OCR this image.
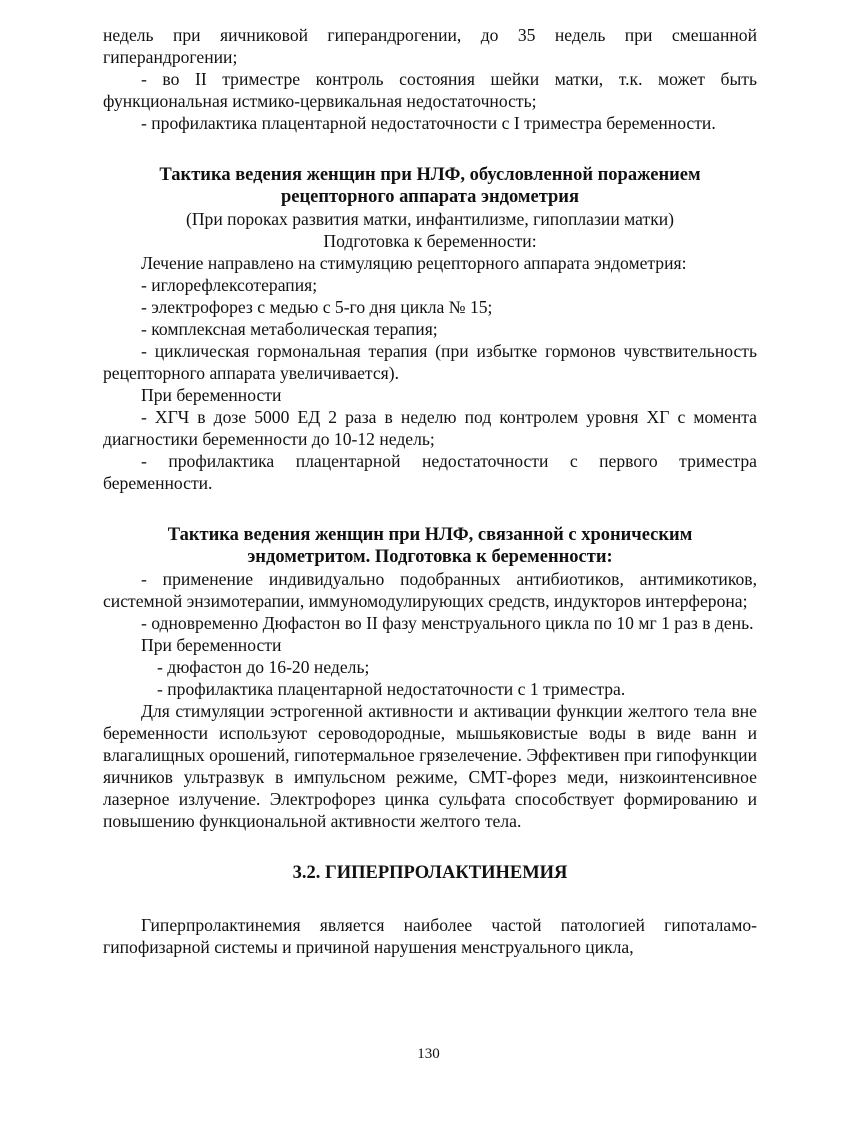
недель при яичниковой гиперандрогении, до 35 недель при смешанной

гиперандрогении;

- во II триместре контроль состояния шейки матки, т.к. может быть функциональная истмико-цервикальная недостаточность;

- профилактика плацентарной недостаточности с I триместра беременности.

Тактика ведения женщин при НЛФ, обусловленной поражением

рецепторного аппарата эндометрия

(При пороках развития матки, инфантилизме, гипоплазии матки)

Подготовка к беременности:

Лечение направлено на стимуляцию рецепторного аппарата эндометрия:

- иглорефлексотерапия;

- электрофорез с медью с 5-го дня цикла № 15;

- комплексная метаболическая терапия;

- циклическая гормональная терапия (при избытке гормонов чувствительность рецепторного аппарата увеличивается).

При беременности

- ХГЧ в дозе 5000 ЕД 2 раза в неделю под контролем уровня ХГ с момента диагностики беременности до 10-12 недель;

- профилактика плацентарной недостаточности с первого триместра беременности.

Тактика ведения женщин при НЛФ, связанной с хроническим

эндометритом. Подготовка к беременности:

- применение индивидуально подобранных антибиотиков, антимикотиков, системной энзимотерапии, иммуномодулирующих средств, индукторов интерферона;

- одновременно Дюфастон во II фазу менструального цикла по 10 мг 1 раз в день.

При беременности

- дюфастон до 16-20 недель;

- профилактика плацентарной недостаточности с 1 триместра.

Для стимуляции эстрогенной активности и активации функции желтого тела вне беременности используют сероводородные, мышьяковистые воды в виде ванн и влагалищных орошений, гипотермальное грязелечение. Эффективен при гипофункции яичников ультразвук в импульсном режиме, СМТ-форез меди, низкоинтенсивное лазерное излучение. Электрофорез цинка сульфата способствует формированию и повышению функциональной активности желтого тела.

3.2. ГИПЕРПРОЛАКТИНЕМИЯ

Гиперпролактинемия является наиболее частой патологией гипоталамо-гипофизарной системы и причиной нарушения менструального цикла,

130
